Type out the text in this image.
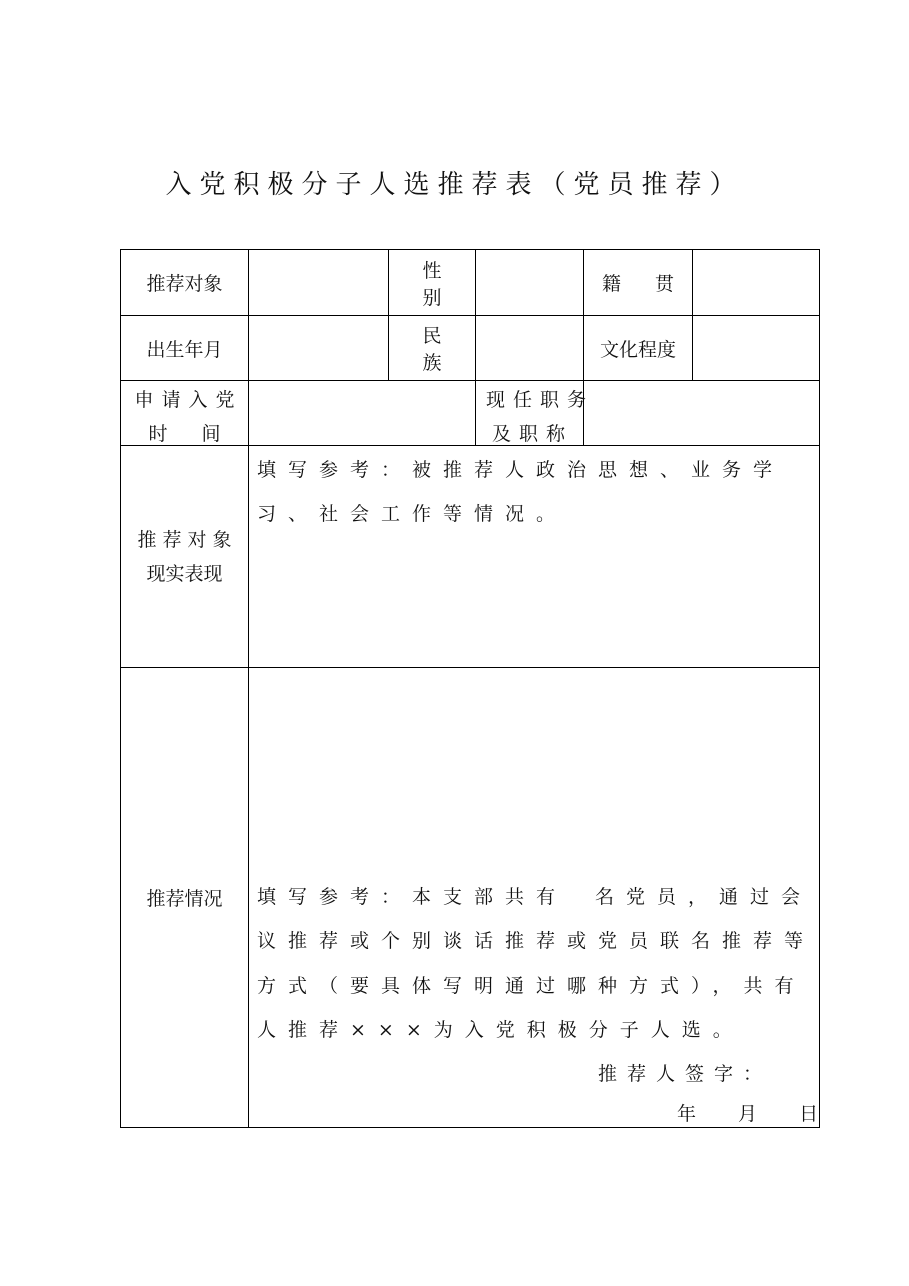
入党积极分子人选推荐表（党员推荐）
推荐对象
性 别
籍 贯
出生年月
民 族
文化程度
申请入党
时 间
现任职务
及职称
推荐对象
现实表现
填写参考：被推荐人政治思想、业务学
习、社会工作等情况。
推荐情况	填写参考：本支部共有 名党员，通过会
议推荐或个别谈话推荐或党员联名推荐等
方式（要具体写明通过哪种方式），共有
人推荐×××为入党积极分子人选。
推荐人签字：
年 月 日
